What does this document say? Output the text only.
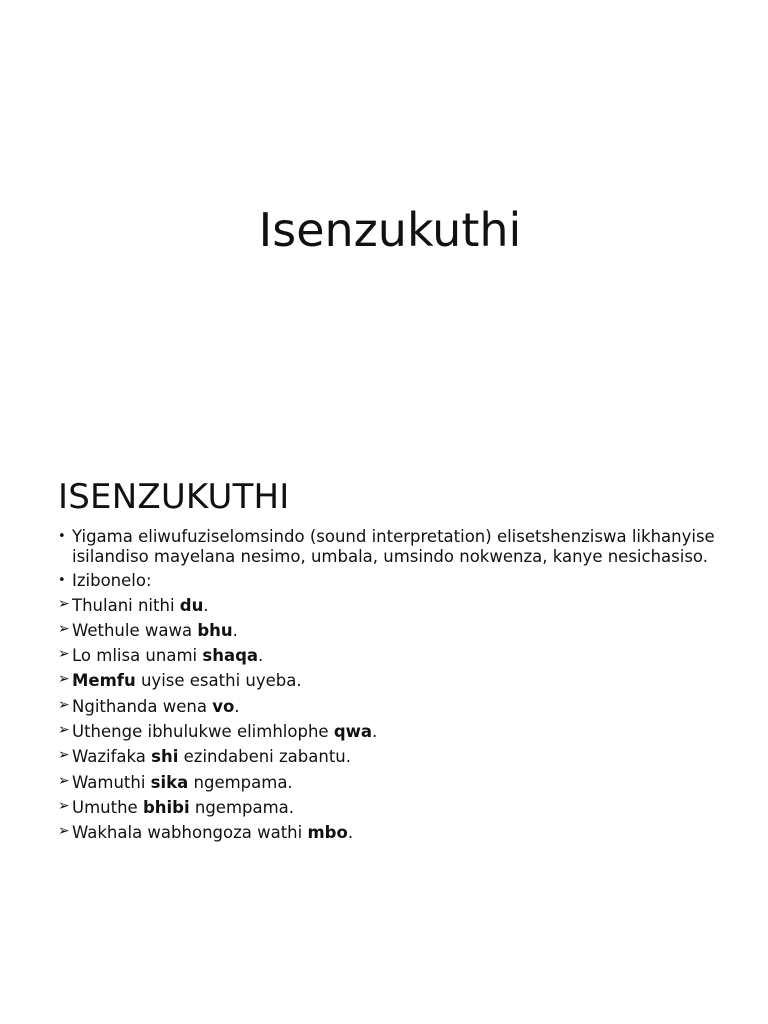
Isenzukuthi
ISENZUKUTHI
• Yigama eliwufuziselomsindo (sound interpretation) elisetshenziswa likhanyise isilandiso mayelana nesimo, umbala, umsindo nokwenza, kanye nesichasiso.
• Izibonelo:
➢ Thulani nithi du.
➢ Wethule wawa bhu.
➢ Lo mlisa unami shaqa.
➢ Memfu uyise esathi uyeba.
➢ Ngithanda wena vo.
➢ Uthenge ibhulukwe elimhlophe qwa.
➢ Wazifaka shi ezindabeni zabantu.
➢ Wamuthi sika ngempama.
➢ Umuthe bhibi ngempama.
➢ Wakhala wabhongoza wathi mbo.
